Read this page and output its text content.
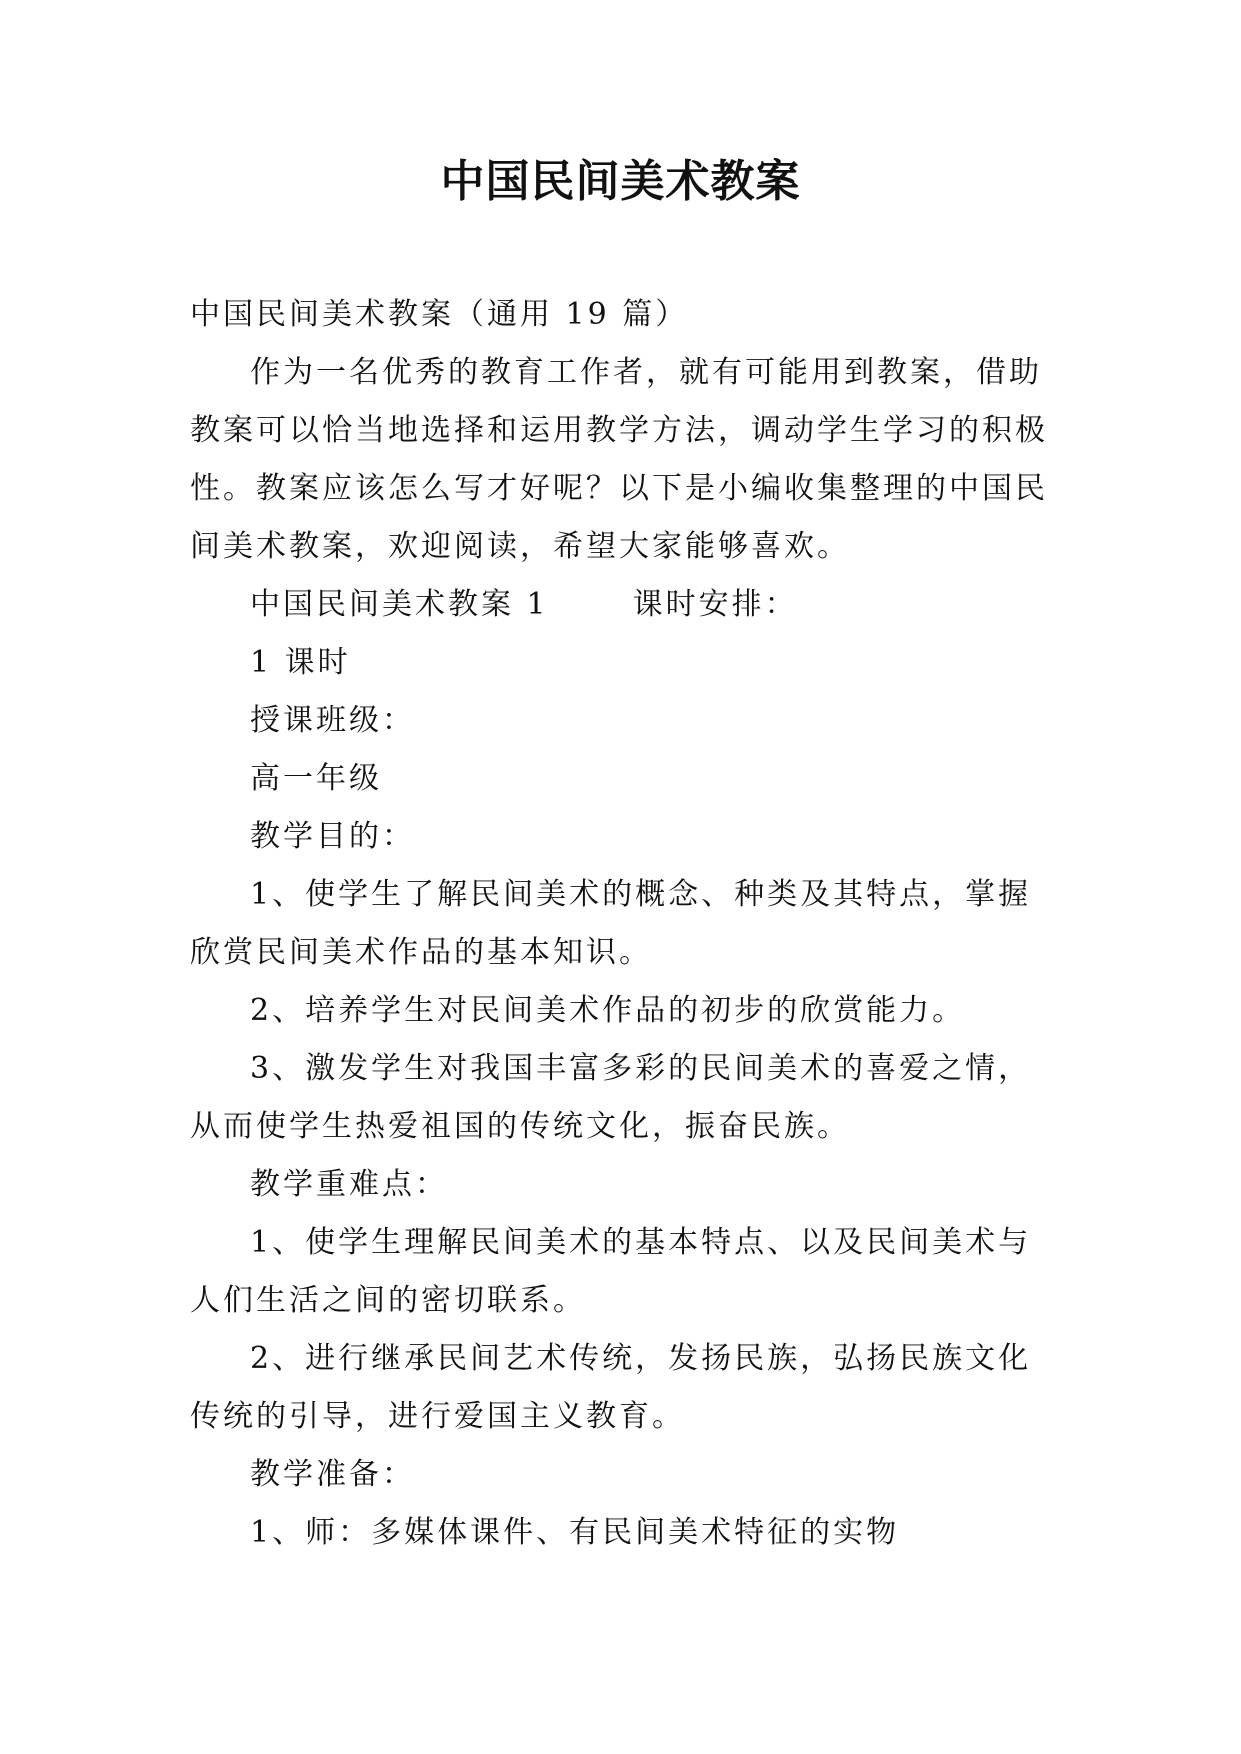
中国民间美术教案

中国民间美术教案（通用 19 篇）

作为一名优秀的教育工作者，就有可能用到教案，借助教案可以恰当地选择和运用教学方法，调动学生学习的积极性。教案应该怎么写才好呢？以下是小编收集整理的中国民间美术教案，欢迎阅读，希望大家能够喜欢。

中国民间美术教案 1	课时安排：

1 课时

授课班级：

高一年级

教学目的：

1、使学生了解民间美术的概念、种类及其特点，掌握欣赏民间美术作品的基本知识。

2、培养学生对民间美术作品的初步的欣赏能力。

3、激发学生对我国丰富多彩的民间美术的喜爱之情，从而使学生热爱祖国的传统文化，振奋民族。

教学重难点：

1、使学生理解民间美术的基本特点、以及民间美术与人们生活之间的密切联系。

2、进行继承民间艺术传统，发扬民族，弘扬民族文化传统的引导，进行爱国主义教育。

教学准备：

1、师：多媒体课件、有民间美术特征的实物
